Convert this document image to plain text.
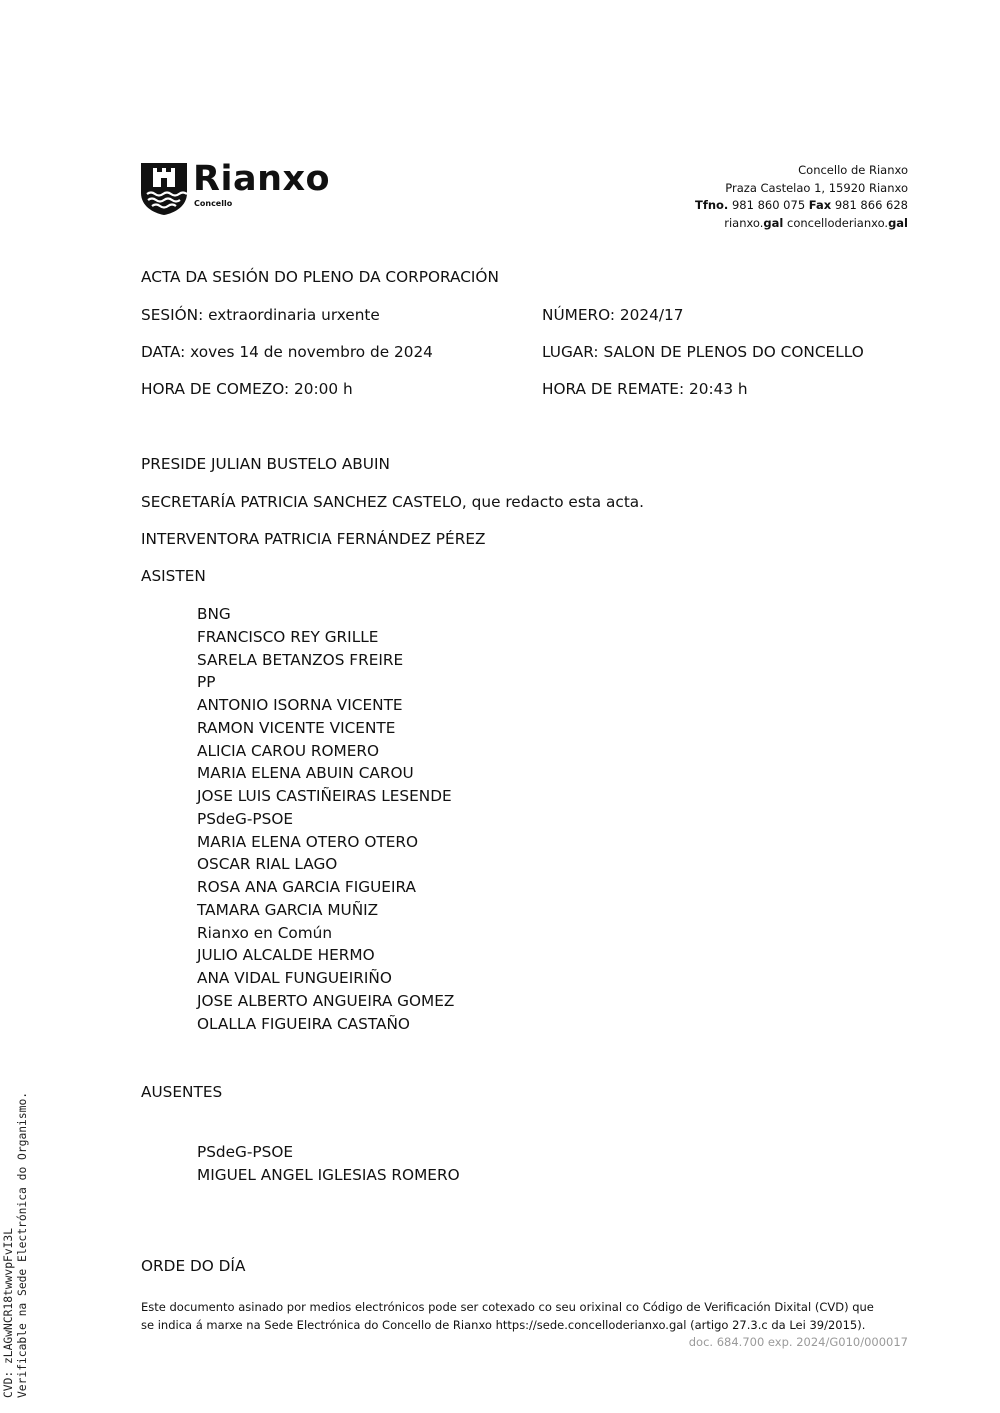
Rianxo
Concello
Concello de Rianxo
Praza Castelao 1, 15920 Rianxo
Tfno. 981 860 075 Fax 981 866 628
rianxo.gal concelloderianxo.gal
ACTA DA SESIÓN DO PLENO DA CORPORACIÓN
SESIÓN: extraordinaria urxente	NÚMERO: 2024/17
DATA: xoves 14 de novembro de 2024	LUGAR: SALON DE PLENOS DO CONCELLO
HORA DE COMEZO: 20:00 h	HORA DE REMATE: 20:43 h
PRESIDE JULIAN BUSTELO ABUIN
SECRETARÍA PATRICIA SANCHEZ CASTELO, que redacto esta acta.
INTERVENTORA PATRICIA FERNÁNDEZ PÉREZ
ASISTEN
BNG
FRANCISCO REY GRILLE
SARELA BETANZOS FREIRE
PP
ANTONIO ISORNA VICENTE
RAMON VICENTE VICENTE
ALICIA CAROU ROMERO
MARIA ELENA ABUIN CAROU
JOSE LUIS CASTIÑEIRAS LESENDE
PSdeG-PSOE
MARIA ELENA OTERO OTERO
OSCAR RIAL LAGO
ROSA ANA GARCIA FIGUEIRA
TAMARA GARCIA MUÑIZ
Rianxo en Común
JULIO ALCALDE HERMO
ANA VIDAL FUNGUEIRIÑO
JOSE ALBERTO ANGUEIRA GOMEZ
OLALLA FIGUEIRA CASTAÑO
AUSENTES
PSdeG-PSOE
MIGUEL ANGEL IGLESIAS ROMERO
ORDE DO DÍA
Este documento asinado por medios electrónicos pode ser cotexado co seu orixinal co Código de Verificación Dixital (CVD) que
se indica á marxe na Sede Electrónica do Concello de Rianxo https://sede.concelloderianxo.gal (artigo 27.3.c da Lei 39/2015).
doc. 684.700 exp. 2024/G010/000017
CVD: zLAGwNCR18twwvpFvI3L Verificable na Sede Electrónica do Organismo.
